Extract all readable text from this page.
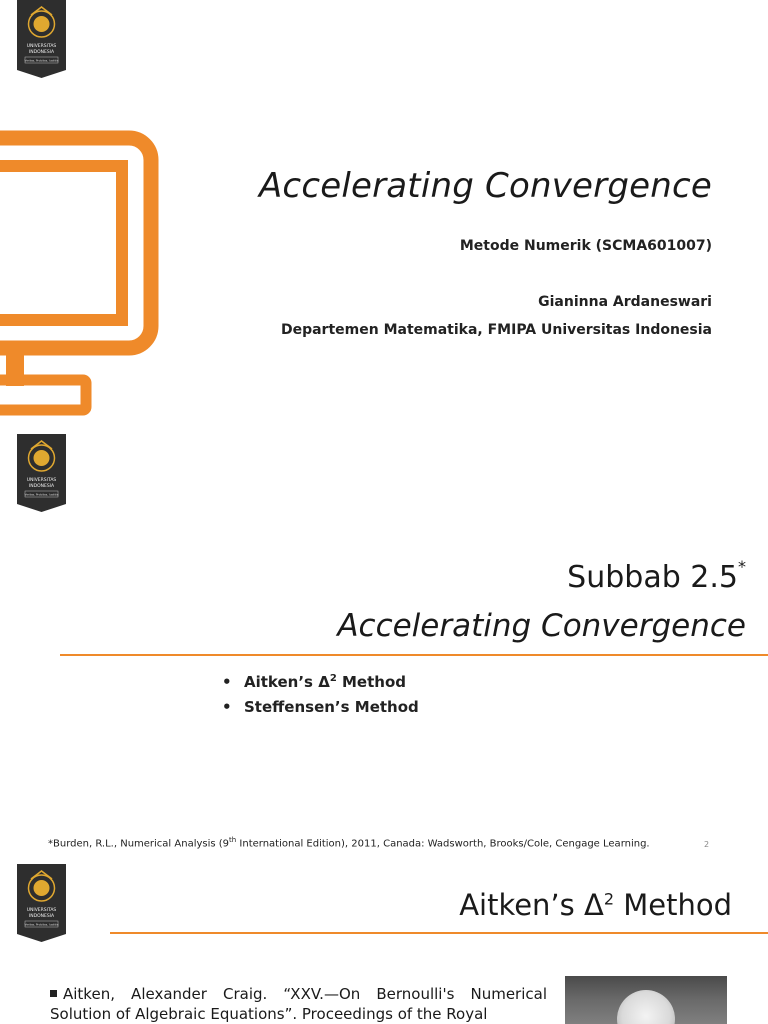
UNIVERSITAS
INDONESIA
Veritas, Probitas, Iustitia
Accelerating Convergence
Metode Numerik (SCMA601007)
Gianinna Ardaneswari
Departemen Matematika, FMIPA Universitas Indonesia
UNIVERSITAS
INDONESIA
Veritas, Probitas, Iustitia
Subbab 2.5*
Accelerating Convergence
• Aitken’s $\Delta^2$ Method
• Steffensen’s Method
*Burden, R.L., Numerical Analysis (9th International Edition), 2011, Canada: Wadsworth, Brooks/Cole, Cengage Learning.	2
UNIVERSITAS
INDONESIA
Veritas, Probitas, Iustitia
Aitken’s $\Delta^2$ Method
Aitken, Alexander Craig. “XXV.—On Bernoulli's Numerical Solution of Algebraic Equations”. Proceedings of the Royal
